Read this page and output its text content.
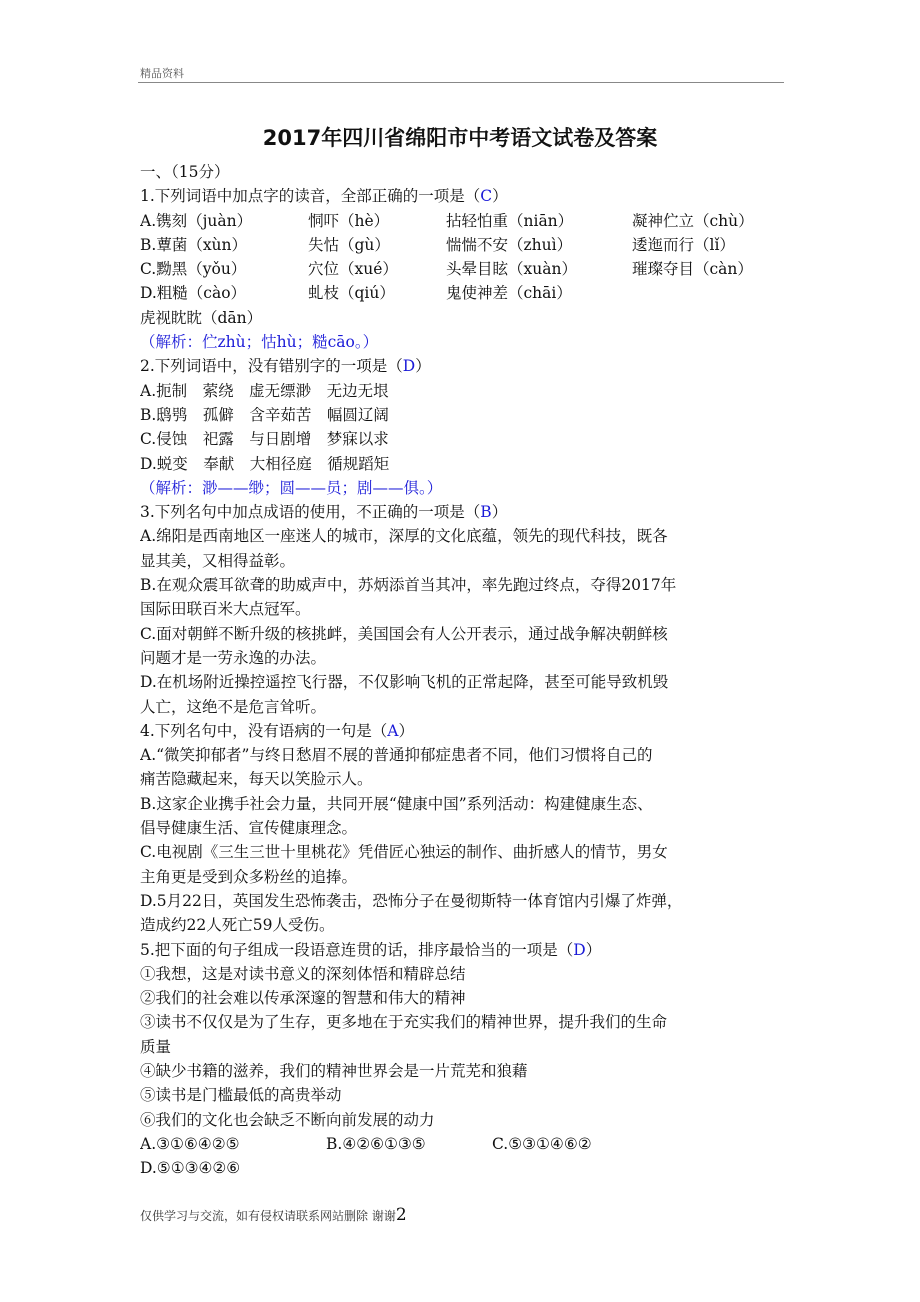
精品资料
2017年四川省绵阳市中考语文试卷及答案
一、（15分）
1.下列词语中加点字的读音，全部正确的一项是（C）
A.镌刻（juàn）	恫吓（hè）	拈轻怕重（niān）	凝神伫立（chù）
B.蕈菌（xùn）	失怙（gù）	惴惴不安（zhuì）	逶迤而行（lǐ）
C.黝黑（yǒu）	穴位（xué）	头晕目眩（xuàn）	璀璨夺目（càn）
D.粗糙（cào）	虬枝（qiú）	鬼使神差（chāi）
虎视眈眈（dān）
（解析：伫zhù；怙hù；糙cāo。）
2.下列词语中，没有错别字的一项是（D）
A.扼制　萦绕　虚无缥渺　无边无垠
B.鸱鸮　孤僻　含辛茹苦　幅圆辽阔
C.侵蚀　祀露　与日剧增　梦寐以求
D.蜕变　奉献　大相径庭　循规蹈矩
（解析：渺——缈；圆——员；剧——俱。）
3.下列名句中加点成语的使用，不正确的一项是（B）
A.绵阳是西南地区一座迷人的城市，深厚的文化底蕴，领先的现代科技，既各
显其美，又相得益彰。
B.在观众震耳欲聋的助威声中，苏炳添首当其冲，率先跑过终点，夺得2017年
国际田联百米大点冠军。
C.面对朝鲜不断升级的核挑衅，美国国会有人公开表示，通过战争解决朝鲜核
问题才是一劳永逸的办法。
D.在机场附近操控遥控飞行器，不仅影响飞机的正常起降，甚至可能导致机毁
人亡，这绝不是危言耸听。
4.下列名句中，没有语病的一句是（A）
A.“微笑抑郁者”与终日愁眉不展的普通抑郁症患者不同，他们习惯将自己的
痛苦隐藏起来，每天以笑脸示人。
B.这家企业携手社会力量，共同开展“健康中国”系列活动：构建健康生态、
倡导健康生活、宣传健康理念。
C.电视剧《三生三世十里桃花》凭借匠心独运的制作、曲折感人的情节，男女
主角更是受到众多粉丝的追捧。
D.5月22日，英国发生恐怖袭击，恐怖分子在曼彻斯特一体育馆内引爆了炸弹，
造成约22人死亡59人受伤。
5.把下面的句子组成一段语意连贯的话，排序最恰当的一项是（D）
①我想，这是对读书意义的深刻体悟和精辟总结
②我们的社会难以传承深邃的智慧和伟大的精神
③读书不仅仅是为了生存，更多地在于充实我们的精神世界，提升我们的生命
质量
④缺少书籍的滋养，我们的精神世界会是一片荒芜和狼藉
⑤读书是门槛最低的高贵举动
⑥我们的文化也会缺乏不断向前发展的动力
A.③①⑥④②⑤	B.④②⑥①③⑤	C.⑤③①④⑥②
D.⑤①③④②⑥
仅供学习与交流，如有侵权请联系网站删除 谢谢2
